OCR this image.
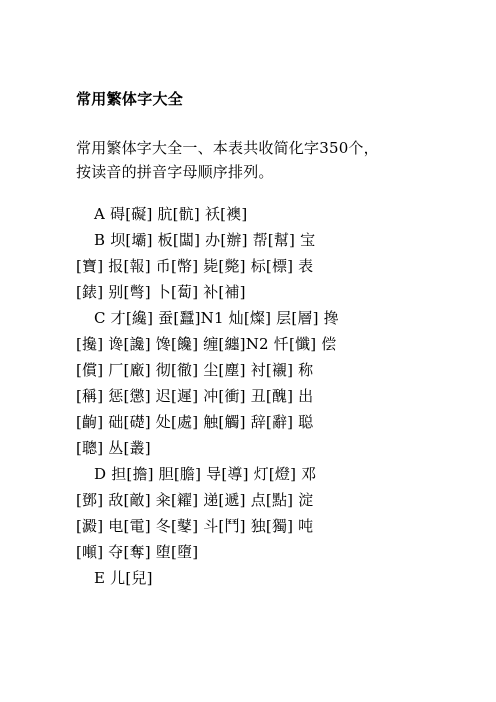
常用繁体字大全
常用繁体字大全一、本表共收简化字350个，
按读音的拼音字母顺序排列。
A 碍[礙] 肮[骯] 袄[襖]
B 坝[壩] 板[闆] 办[辦] 帮[幫] 宝
[寶] 报[報] 币[幣] 毙[斃] 标[標] 表
[錶] 别[彆] 卜[蔔] 补[補]
C 才[纔] 蚕[蠶]N1 灿[燦] 层[層] 搀
[攙] 谗[讒] 馋[饞] 缠[纏]N2 忏[懺] 偿
[償] 厂[廠] 彻[徹] 尘[塵] 衬[襯] 称
[稱] 惩[懲] 迟[遲] 冲[衝] 丑[醜] 出
[齣] 础[礎] 处[處] 触[觸] 辞[辭] 聪
[聰] 丛[叢]
D 担[擔] 胆[膽] 导[導] 灯[燈] 邓
[鄧] 敌[敵] 籴[糴] 递[遞] 点[點] 淀
[澱] 电[電] 冬[鼕] 斗[鬥] 独[獨] 吨
[噸] 夺[奪] 堕[墮]
E 儿[兒]
